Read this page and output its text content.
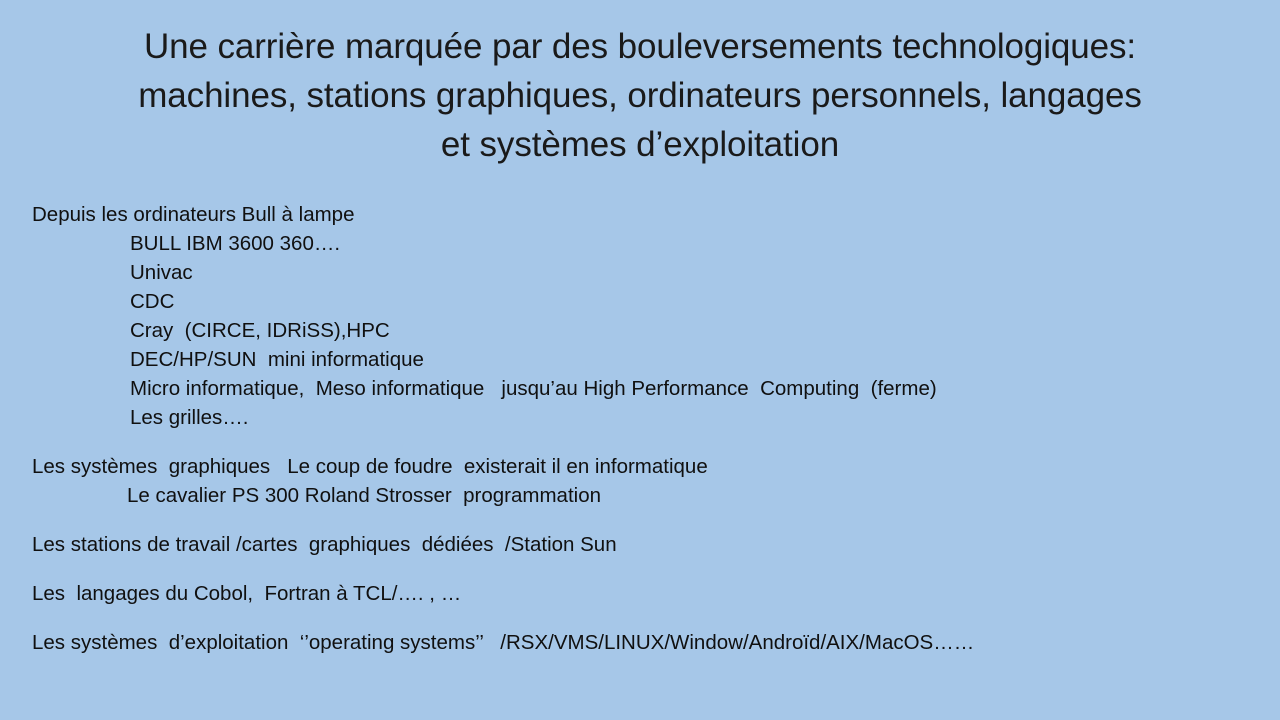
Une carrière marquée par des bouleversements technologiques:
machines, stations graphiques, ordinateurs personnels, langages
et systèmes d’exploitation
Depuis les ordinateurs Bull à lampe
BULL IBM 3600 360….
Univac
CDC
Cray  (CIRCE, IDRiSS),HPC
DEC/HP/SUN  mini informatique
Micro informatique,  Meso informatique   jusqu’au High Performance  Computing  (ferme)
Les grilles….
Les systèmes  graphiques   Le coup de foudre  existerait il en informatique
Le cavalier PS 300 Roland Strosser  programmation
Les stations de travail /cartes  graphiques  dédiées  /Station Sun
Les  langages du Cobol,  Fortran à TCL/…. , …
Les systèmes  d’exploitation  ‘’operating systems’’   /RSX/VMS/LINUX/Window/Androïd/AIX/MacOS……
